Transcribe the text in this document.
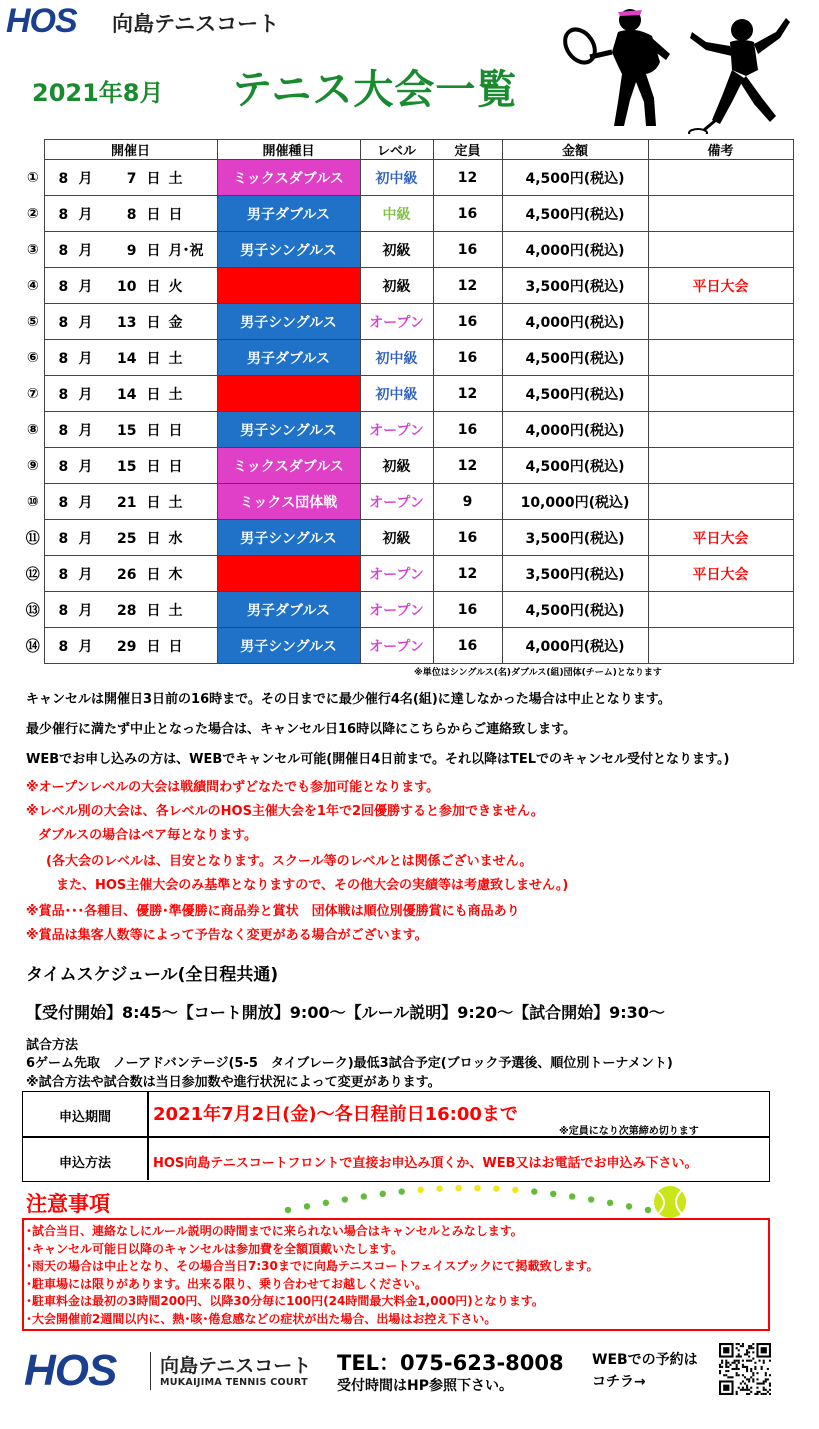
HOS 向島テニスコート
2021年8月 テニス大会一覧
	開催日	開催種目	レベル	定員	金額	備考
①	8 月 7 日 土	ミックスダブルス	初中級	12	4,500円(税込)	
②	8 月 8 日 日	男子ダブルス	中級	16	4,500円(税込)	
③	8 月 9 日 月･祝	男子シングルス	初級	16	4,000円(税込)	
④	8 月 10 日 火	女子シングルス	初級	12	3,500円(税込)	平日大会
⑤	8 月 13 日 金	男子シングルス	オープン	16	4,000円(税込)	
⑥	8 月 14 日 土	男子ダブルス	初中級	16	4,500円(税込)	
⑦	8 月 14 日 土	女子ダブルス	初中級	12	4,500円(税込)	
⑧	8 月 15 日 日	男子シングルス	オープン	16	4,000円(税込)	
⑨	8 月 15 日 日	ミックスダブルス	初級	12	4,500円(税込)	
⑩	8 月 21 日 土	ミックス団体戦	オープン	9	10,000円(税込)	
⑪	8 月 25 日 水	男子シングルス	初級	16	3,500円(税込)	平日大会
⑫	8 月 26 日 木	女子シングルス	オープン	12	3,500円(税込)	平日大会
⑬	8 月 28 日 土	男子ダブルス	オープン	16	4,500円(税込)	
⑭	8 月 29 日 日	男子シングルス	オープン	16	4,000円(税込)	
※単位はシングルス(名)ダブルス(組)団体(チーム)となります
キャンセルは開催日3日前の16時まで。その日までに最少催行4名(組)に達しなかった場合は中止となります。
最少催行に満たず中止となった場合は、キャンセル日16時以降にこちらからご連絡致します。
WEBでお申し込みの方は、WEBでキャンセル可能(開催日4日前まで。それ以降はTELでのキャンセル受付となります。)
※オープンレベルの大会は戦績問わずどなたでも参加可能となります。
※レベル別の大会は、各レベルのHOS主催大会を1年で2回優勝すると参加できません。
ダブルスの場合はペア毎となります。
(各大会のレベルは、目安となります。スクール等のレベルとは関係ございません。
また、HOS主催大会のみ基準となりますので、その他大会の実績等は考慮致しません。)
※賞品･･･各種目、優勝･準優勝に商品券と賞状　団体戦は順位別優勝賞にも商品あり
※賞品は集客人数等によって予告なく変更がある場合がございます。
タイムスケジュール(全日程共通)
【受付開始】8:45～【コート開放】9:00～【ルール説明】9:20～【試合開始】9:30～
試合方法
6ゲーム先取　ノーアドバンテージ(5-5　タイブレーク)最低3試合予定(ブロック予選後、順位別トーナメント)
※試合方法や試合数は当日参加数や進行状況によって変更があります。
申込期間	2021年7月2日(金)～各日程前日16:00まで
※定員になり次第締め切ります
申込方法	HOS向島テニスコートフロントで直接お申込み頂くか、WEB又はお電話でお申込み下さい。
注意事項
･試合当日、連絡なしにルール説明の時間までに来られない場合はキャンセルとみなします。
･キャンセル可能日以降のキャンセルは参加費を全額頂戴いたします。
･雨天の場合は中止となり、その場合当日7:30までに向島テニスコートフェイスブックにて掲載致します。
･駐車場には限りがあります。出来る限り、乗り合わせてお越しください。
･駐車料金は最初の3時間200円、以降30分毎に100円(24時間最大料金1,000円)となります。
･大会開催前2週間以内に、熱･咳･倦怠感などの症状が出た場合、出場はお控え下さい。
HOS 向島テニスコート
MUKAIJIMA TENNIS COURT
TEL：075-623-8008
受付時間はHP参照下さい。
WEBでの予約は
コチラ→
